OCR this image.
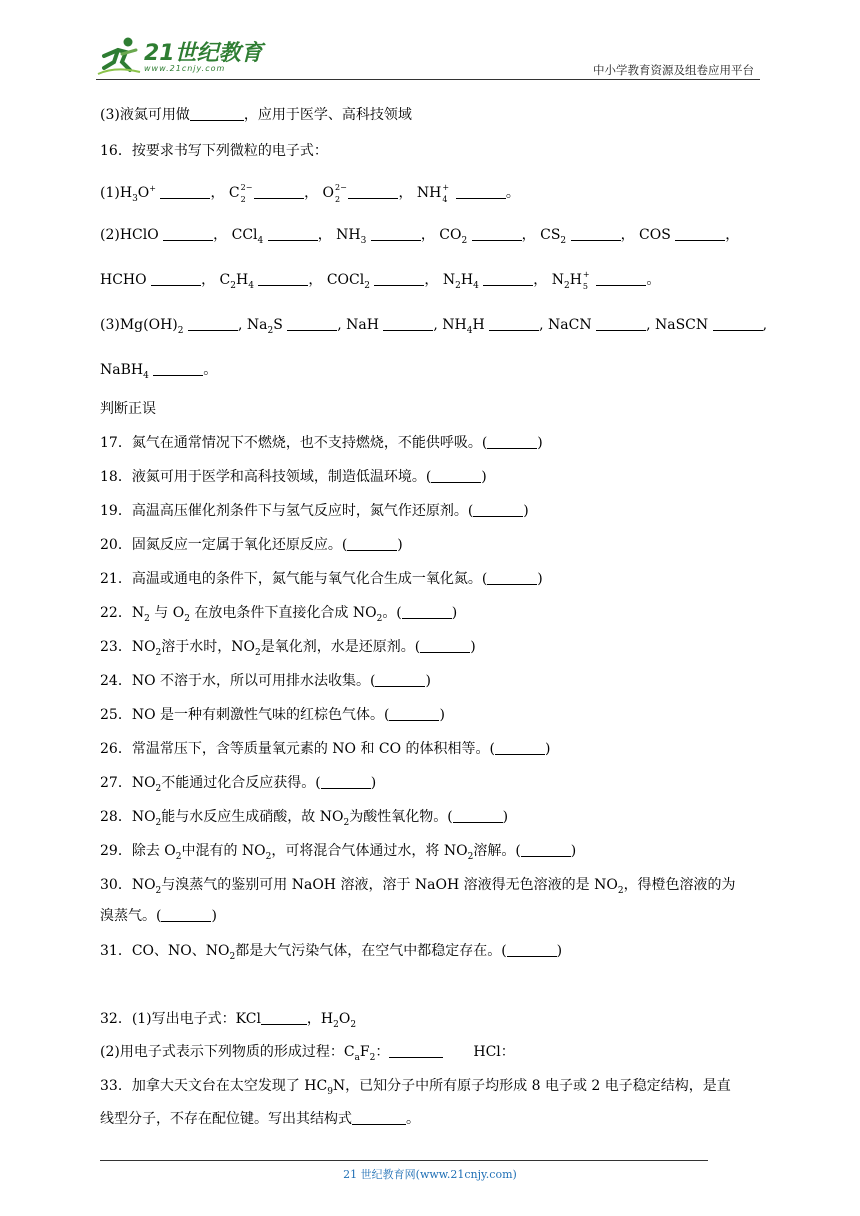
21世纪教育
www.21cnjy.com	中小学教育资源及组卷应用平台
(3)液氮可用做	，应用于医学、高科技领域
16．按要求书写下列微粒的电子式：
$(1)H_3O^+$	， C 2−
2	， O 2−
2	， NH +
4	。
(2)HClO	， CCl$_4$	， $NH_3$	， $CO_2$	， $CS_2$	， COS	，
HCHO	， $C_2H_4$	， COCl$_2$	， $N_2H_4$	， $N_2H$ +
5	。
$(3)Mg(OH)_2$	, $Na_2S$	, NaH	, $NH_4H$	, NaCN	, NaSCN	,
NaBH$_4$	。
判断正误
17．氮气在通常情况下不燃烧，也不支持燃烧，不能供呼吸。(	)
18．液氮可用于医学和高科技领域，制造低温环境。(	)
19．高温高压催化剂条件下与氢气反应时，氮气作还原剂。(	)
20．固氮反应一定属于氧化还原反应。(	)
21．高温或通电的条件下，氮气能与氧气化合生成一氧化氮。(	)
22．$N_2$ 与 $O_2$ 在放电条件下直接化合成 $NO_2$。(	)
23．$NO_2$溶于水时，$NO_2$是氧化剂，水是还原剂。(	)
24．NO 不溶于水，所以可用排水法收集。(	)
25．NO 是一种有刺激性气味的红棕色气体。(	)
26．常温常压下，含等质量氧元素的 NO 和 CO 的体积相等。(	)
27．$NO_2$不能通过化合反应获得。(	)
28．$NO_2$能与水反应生成硝酸，故 $NO_2$为酸性氧化物。(	)
29．除去 $O_2$中混有的 $NO_2$，可将混合气体通过水，将 $NO_2$溶解。(	)
30．$NO_2$与溴蒸气的鉴别可用 NaOH 溶液，溶于 NaOH 溶液得无色溶液的是 $NO_2$，得橙色溶液的为
溴蒸气。(	)
31．CO、NO、$NO_2$都是大气污染气体，在空气中都稳定存在。(	)
32．(1)写出电子式：KCl	，$H_2O_2$
(2)用电子式表示下列物质的形成过程：$C_aF_2$：	HCl：
33．加拿大天文台在太空发现了 $HC_9N$，已知分子中所有原子均形成 8 电子或 2 电子稳定结构，是直
线型分子，不存在配位键。写出其结构式	。
21 世纪教育网(www.21cnjy.com)
